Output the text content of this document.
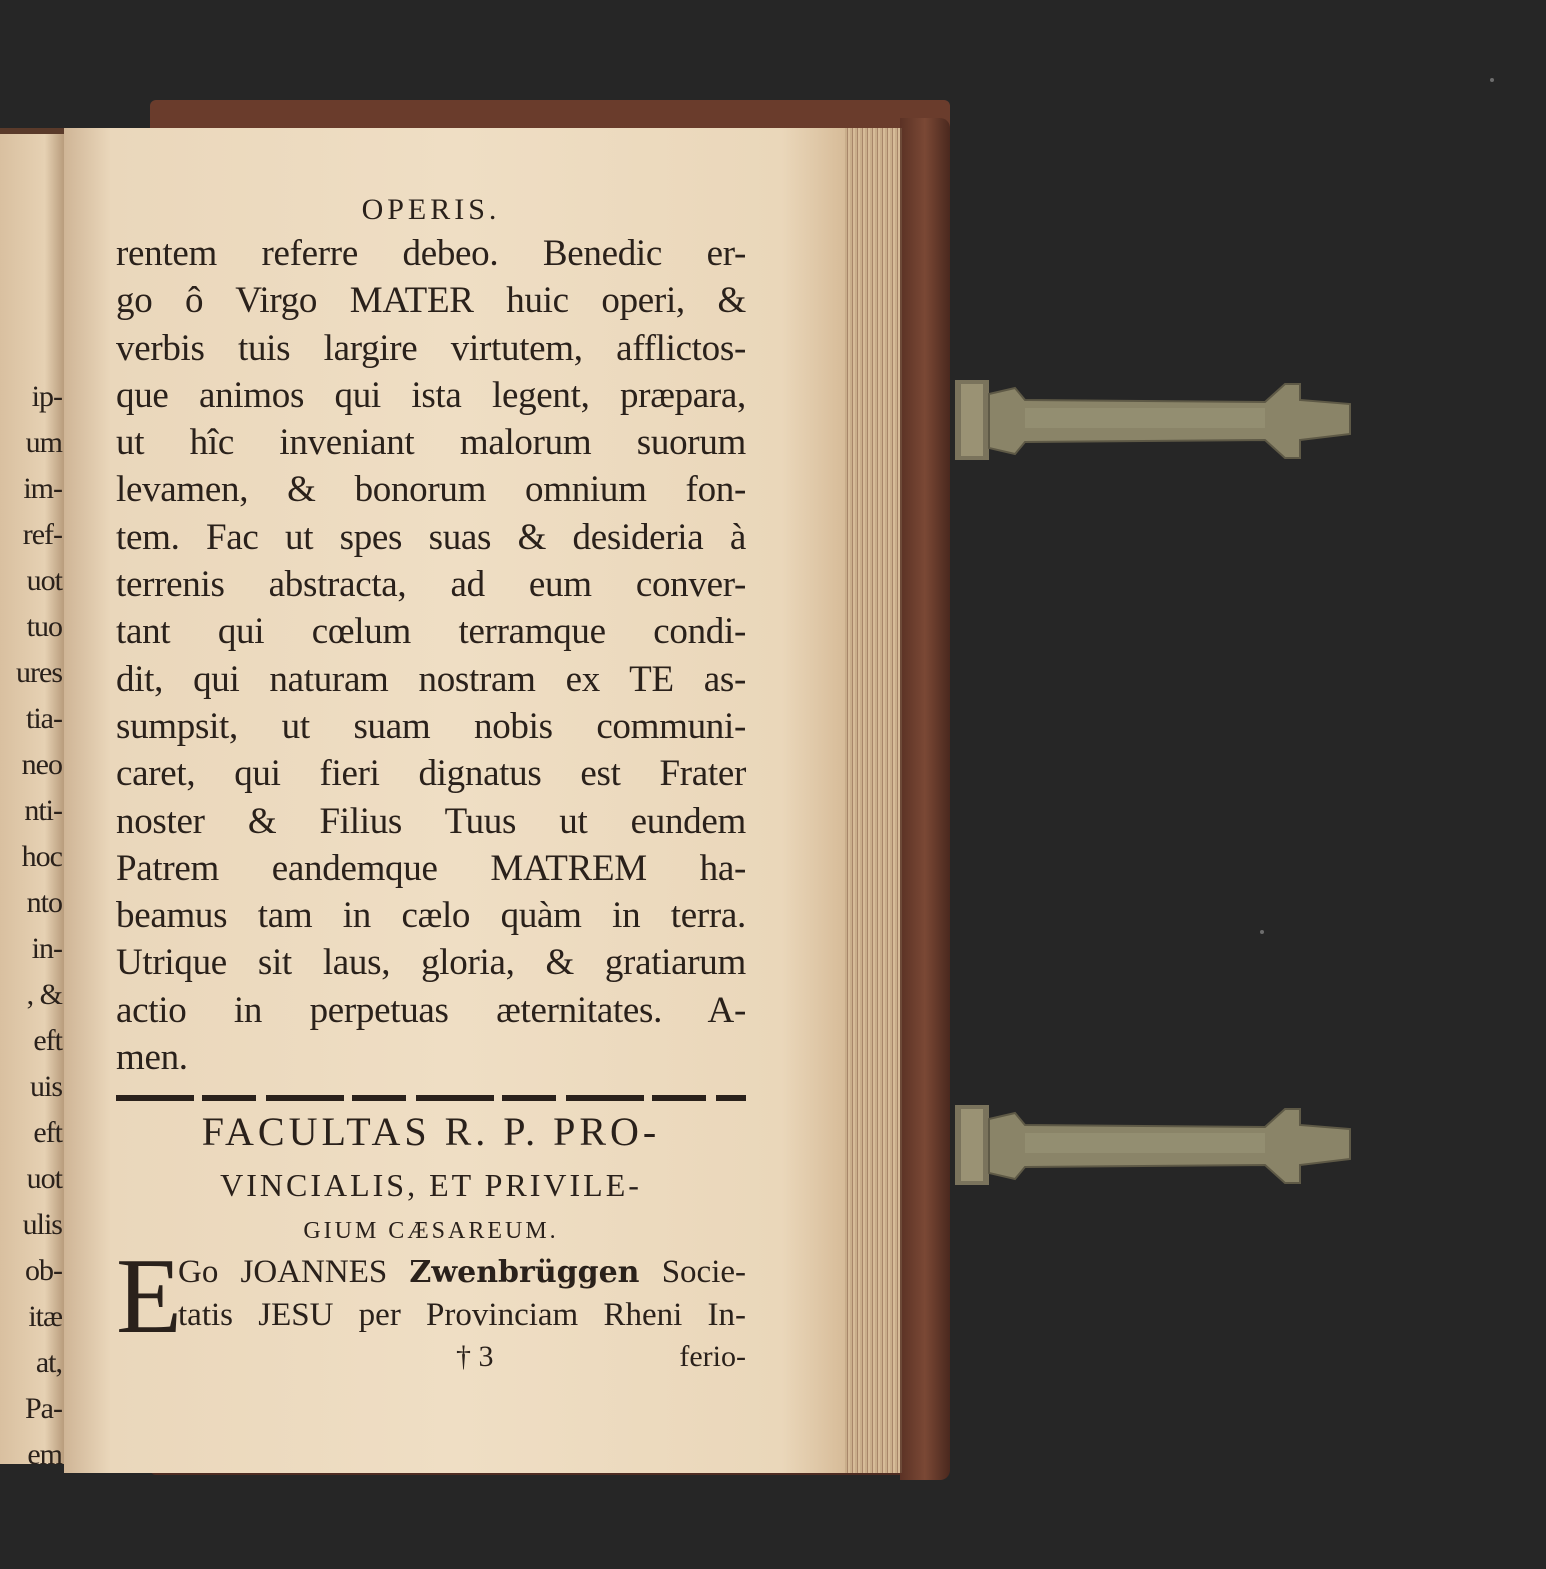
ip-
um
im-
ref-
uot
tuo
ures
tia-
neo
nti-
hoc
nto
in-
, &
eft
uis
eft
uot
ulis
ob-
itæ
at,
Pa-
em
OPERIS.
rentem referre debeo. Benedic er-
go ô Virgo MATER huic operi, &
verbis tuis largire virtutem, afflictos-
que animos qui ista legent, præpara,
ut hîc inveniant malorum suorum
levamen, & bonorum omnium fon-
tem. Fac ut spes suas & desideria à
terrenis abstracta, ad eum conver-
tant qui cœlum terramque condi-
dit, qui naturam nostram ex TE as-
sumpsit, ut suam nobis communi-
caret, qui fieri dignatus est Frater
noster & Filius Tuus ut eundem
Patrem eandemque MATREM ha-
beamus tam in cælo quàm in terra.
Utrique sit laus, gloria, & gratiarum
actio in perpetuas æternitates. A-
men.
FACULTAS R. P. PRO-
VINCIALIS, ET PRIVILE-
GIUM CÆSAREUM.
E
Go JOANNES Zwenbrüggen Socie-
tatis JESU per Provinciam Rheni In-
† 3	ferio-
